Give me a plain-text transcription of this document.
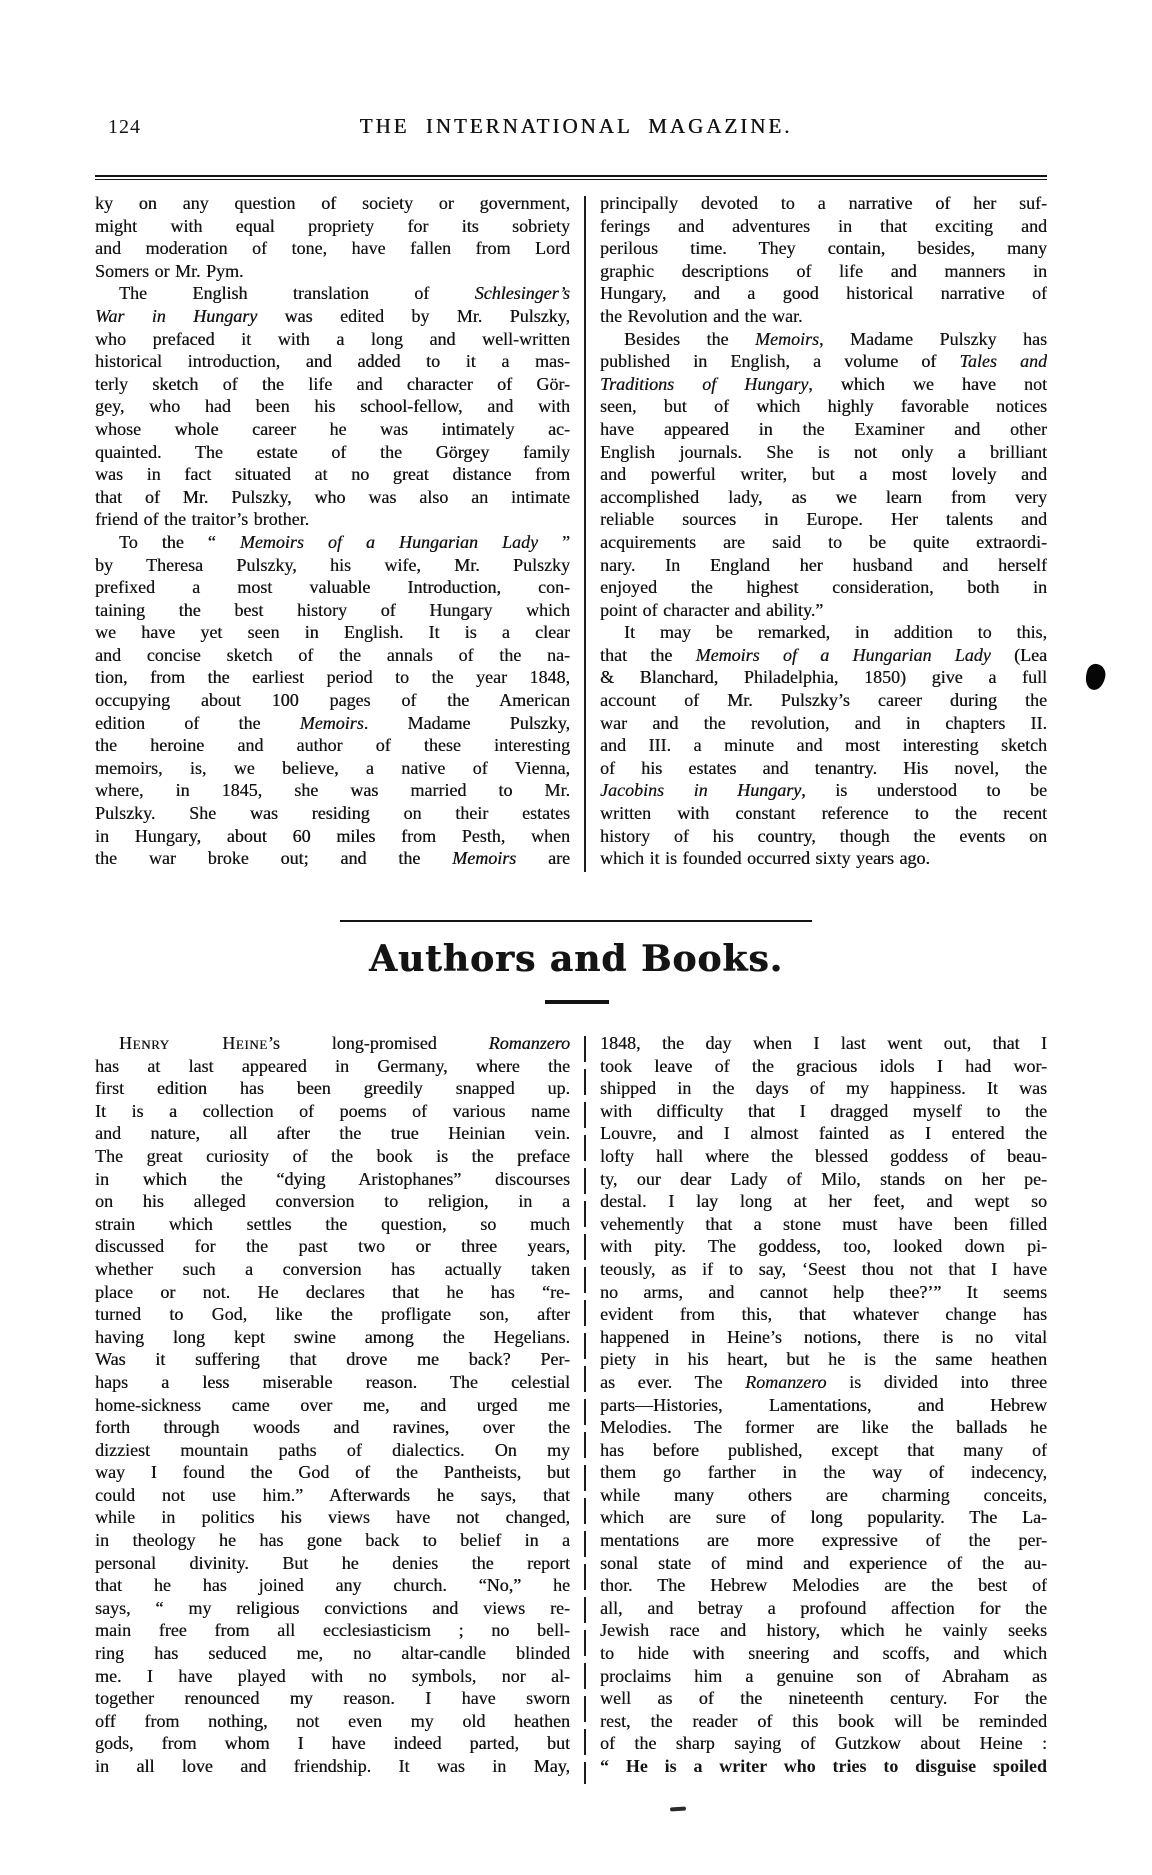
124	THE INTERNATIONAL MAGAZINE.
ky on any question of society or government,
might with equal propriety for its sobriety
and moderation of tone, have fallen from Lord
Somers or Mr. Pym.
The English translation of Schlesinger’s
War in Hungary was edited by Mr. Pulszky,
who prefaced it with a long and well-written
historical introduction, and added to it a mas-
terly sketch of the life and character of Gör-
gey, who had been his school-fellow, and with
whose whole career he was intimately ac-
quainted. The estate of the Görgey family
was in fact situated at no great distance from
that of Mr. Pulszky, who was also an intimate
friend of the traitor’s brother.
To the “ Memoirs of a Hungarian Lady ”
by Theresa Pulszky, his wife, Mr. Pulszky
prefixed a most valuable Introduction, con-
taining the best history of Hungary which
we have yet seen in English. It is a clear
and concise sketch of the annals of the na-
tion, from the earliest period to the year 1848,
occupying about 100 pages of the American
edition of the Memoirs. Madame Pulszky,
the heroine and author of these interesting
memoirs, is, we believe, a native of Vienna,
where, in 1845, she was married to Mr.
Pulszky. She was residing on their estates
in Hungary, about 60 miles from Pesth, when
the war broke out; and the Memoirs are
principally devoted to a narrative of her suf-
ferings and adventures in that exciting and
perilous time. They contain, besides, many
graphic descriptions of life and manners in
Hungary, and a good historical narrative of
the Revolution and the war.
Besides the Memoirs, Madame Pulszky has
published in English, a volume of Tales and
Traditions of Hungary, which we have not
seen, but of which highly favorable notices
have appeared in the Examiner and other
English journals. She is not only a brilliant
and powerful writer, but a most lovely and
accomplished lady, as we learn from very
reliable sources in Europe. Her talents and
acquirements are said to be quite extraordi-
nary. In England her husband and herself
enjoyed the highest consideration, both in
point of character and ability.”
It may be remarked, in addition to this,
that the Memoirs of a Hungarian Lady (Lea
& Blanchard, Philadelphia, 1850) give a full
account of Mr. Pulszky’s career during the
war and the revolution, and in chapters II.
and III. a minute and most interesting sketch
of his estates and tenantry. His novel, the
Jacobins in Hungary, is understood to be
written with constant reference to the recent
history of his country, though the events on
which it is founded occurred sixty years ago.
Authors and Books.
Henry Heine’s long-promised Romanzero
has at last appeared in Germany, where the
first edition has been greedily snapped up.
It is a collection of poems of various name
and nature, all after the true Heinian vein.
The great curiosity of the book is the preface
in which the “dying Aristophanes” discourses
on his alleged conversion to religion, in a
strain which settles the question, so much
discussed for the past two or three years,
whether such a conversion has actually taken
place or not. He declares that he has “re-
turned to God, like the profligate son, after
having long kept swine among the Hegelians.
Was it suffering that drove me back? Per-
haps a less miserable reason. The celestial
home-sickness came over me, and urged me
forth through woods and ravines, over the
dizziest mountain paths of dialectics. On my
way I found the God of the Pantheists, but
could not use him.” Afterwards he says, that
while in politics his views have not changed,
in theology he has gone back to belief in a
personal divinity. But he denies the report
that he has joined any church. “No,” he
says, “ my religious convictions and views re-
main free from all ecclesiasticism ; no bell-
ring has seduced me, no altar-candle blinded
me. I have played with no symbols, nor al-
together renounced my reason. I have sworn
off from nothing, not even my old heathen
gods, from whom I have indeed parted, but
in all love and friendship. It was in May,
1848, the day when I last went out, that I
took leave of the gracious idols I had wor-
shipped in the days of my happiness. It was
with difficulty that I dragged myself to the
Louvre, and I almost fainted as I entered the
lofty hall where the blessed goddess of beau-
ty, our dear Lady of Milo, stands on her pe-
destal. I lay long at her feet, and wept so
vehemently that a stone must have been filled
with pity. The goddess, too, looked down pi-
teously, as if to say, ‘Seest thou not that I have
no arms, and cannot help thee?’” It seems
evident from this, that whatever change has
happened in Heine’s notions, there is no vital
piety in his heart, but he is the same heathen
as ever. The Romanzero is divided into three
parts—Histories, Lamentations, and Hebrew
Melodies. The former are like the ballads he
has before published, except that many of
them go farther in the way of indecency,
while many others are charming conceits,
which are sure of long popularity. The La-
mentations are more expressive of the per-
sonal state of mind and experience of the au-
thor. The Hebrew Melodies are the best of
all, and betray a profound affection for the
Jewish race and history, which he vainly seeks
to hide with sneering and scoffs, and which
proclaims him a genuine son of Abraham as
well as of the nineteenth century. For the
rest, the reader of this book will be reminded
of the sharp saying of Gutzkow about Heine :
“ He is a writer who tries to disguise spoiled
